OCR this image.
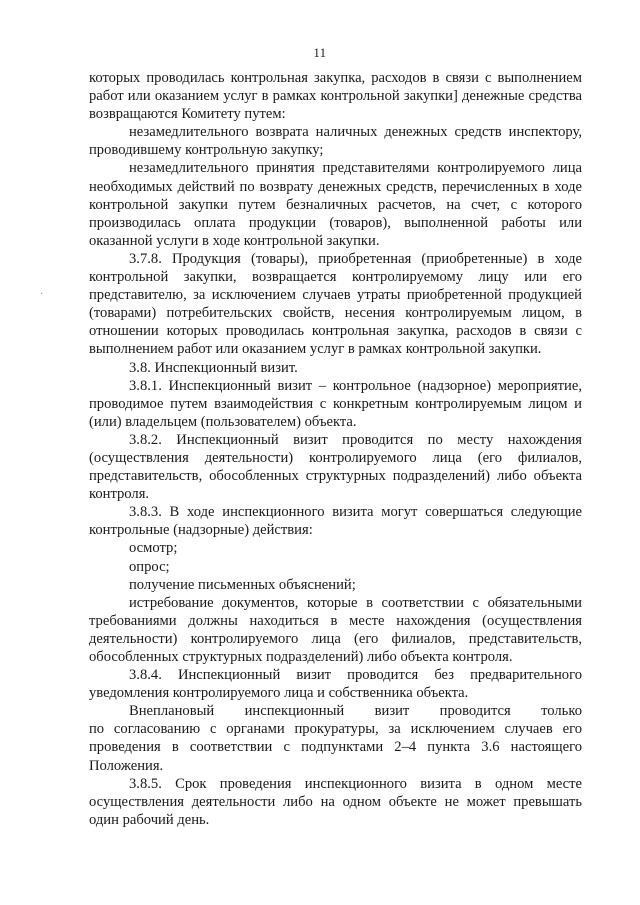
11
·

которых проводилась контрольная закупка, расходов в связи с выполнением работ или оказанием услуг в рамках контрольной закупки] денежные средства возвращаются Комитету путем:

незамедлительного возврата наличных денежных средств инспектору, проводившему контрольную закупку;

незамедлительного принятия представителями контролируемого лица необходимых действий по возврату денежных средств, перечисленных в ходе контрольной закупки путем безналичных расчетов, на счет, с которого производилась оплата продукции (товаров), выполненной работы или оказанной услуги в ходе контрольной закупки.

3.7.8. Продукция (товары), приобретенная (приобретенные) в ходе контрольной закупки, возвращается контролируемому лицу или его представителю, за исключением случаев утраты приобретенной продукцией (товарами) потребительских свойств, несения контролируемым лицом, в отношении которых проводилась контрольная закупка, расходов в связи с выполнением работ или оказанием услуг в рамках контрольной закупки.

3.8. Инспекционный визит.

3.8.1. Инспекционный визит – контрольное (надзорное) мероприятие, проводимое путем взаимодействия с конкретным контролируемым лицом и (или) владельцем (пользователем) объекта.

3.8.2. Инспекционный визит проводится по месту нахождения (осуществления деятельности) контролируемого лица (его филиалов, представительств, обособленных структурных подразделений) либо объекта контроля.

3.8.3. В ходе инспекционного визита могут совершаться следующие контрольные (надзорные) действия:

осмотр;

опрос;

получение письменных объяснений;

истребование документов, которые в соответствии с обязательными требованиями должны находиться в месте нахождения (осуществления деятельности) контролируемого лица (его филиалов, представительств, обособленных структурных подразделений) либо объекта контроля.

3.8.4. Инспекционный визит проводится без предварительного уведомления контролируемого лица и собственника объекта.

Внеплановый инспекционный визит проводится только

по согласованию с органами прокуратуры, за исключением случаев его проведения в соответствии с подпунктами 2–4 пункта 3.6 настоящего Положения.

3.8.5. Срок проведения инспекционного визита в одном месте осуществления деятельности либо на одном объекте не может превышать один рабочий день.
